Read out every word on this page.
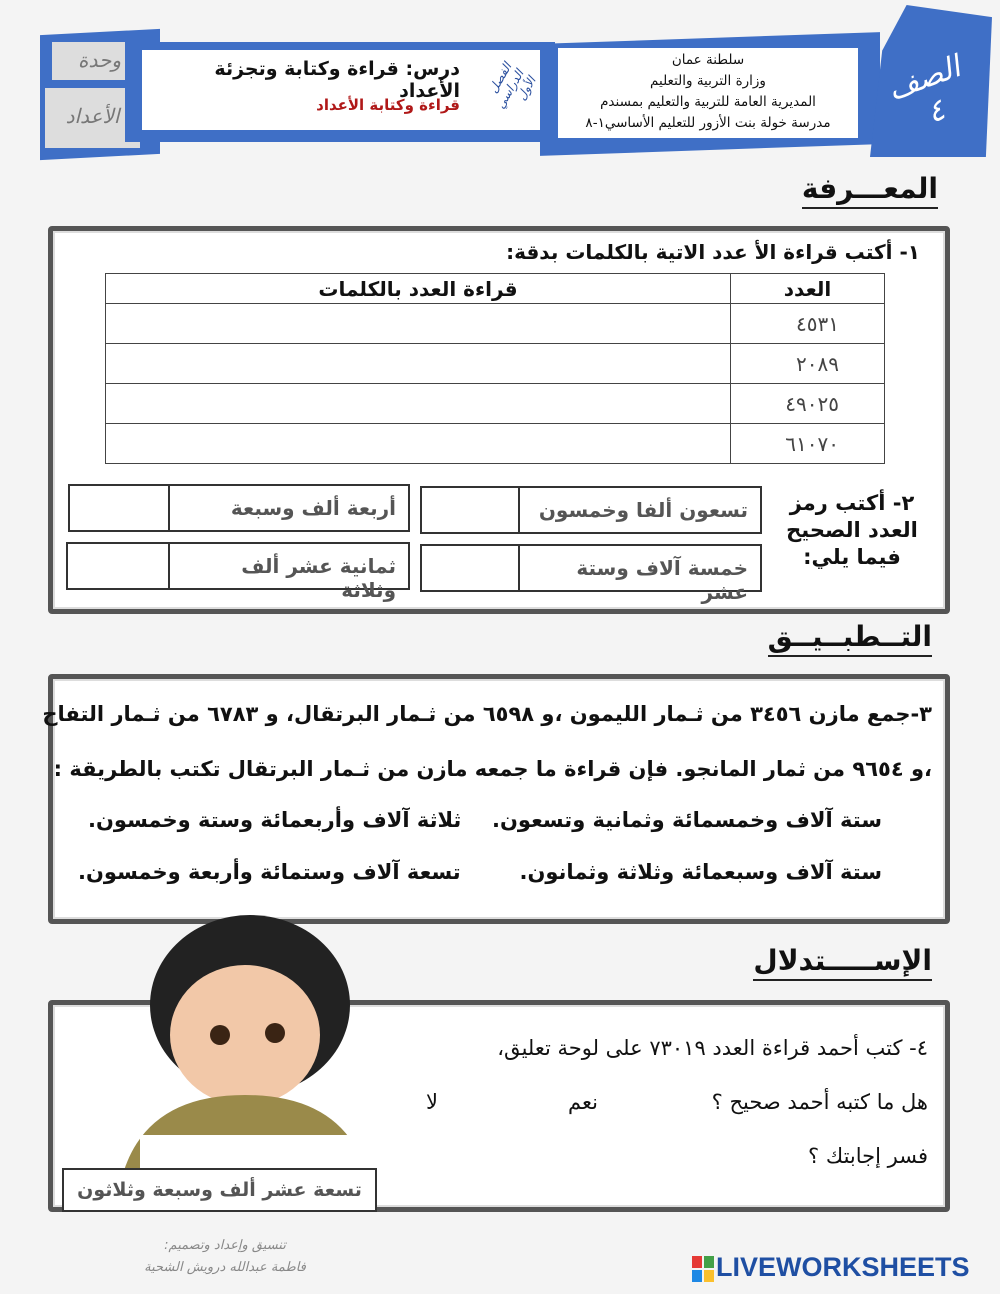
وحدة
الأعداد
درس: قراءة وكتابة وتجزئة الأعداد
قراءة وكتابة الأعداد
الفصل الدراسي الأول
سلطنة عمان
وزارة التربية والتعليم
المديرية العامة للتربية والتعليم بمسندم
مدرسة خولة بنت الأزور للتعليم الأساسي١-٨
الصف ٤
المعـــرفة
١- أكتب قراءة الأ عدد الاتية بالكلمات بدقة:
العدد	قراءة العدد بالكلمات
٤٥٣١	
٢٠٨٩	
٤٩٠٢٥	
٦١٠٧٠	
٢- أكتب رمز العدد الصحيح فيما يلي:
تسعون ألفا وخمسون
أربعة ألف وسبعة
خمسة آلاف وستة عشر
ثمانية عشر ألف وثلاثة
التــطبــيــق
٣-جمع مازن ٣٤٥٦ من ثـمار الليمون ،و ٦٥٩٨ من ثـمار البرتقال، و ٦٧٨٣ من ثـمار التفاح
،و ٩٦٥٤ من ثمار المانجو. فإن قراءة ما جمعه مازن من ثـمار البرتقال تكتب بالطريقة :
ستة آلاف وخمسمائة وثمانية وتسعون.
ثلاثة آلاف وأربعمائة وستة وخمسون.
ستة آلاف وسبعمائة وثلاثة وثمانون.
تسعة آلاف وستمائة وأربعة وخمسون.
الإســـــتدلال
٤- كتب أحمد قراءة العدد ٧٣٠١٩ على لوحة تعليق،
هل ما كتبه أحمد صحيح ؟
نعم
لا
فسر إجابتك ؟
تسعة عشر ألف وسبعة وثلاثون
تنسيق وإعداد وتصميم:
فاطمة عبدالله درويش الشحية	LIVEWORKSHEETS
